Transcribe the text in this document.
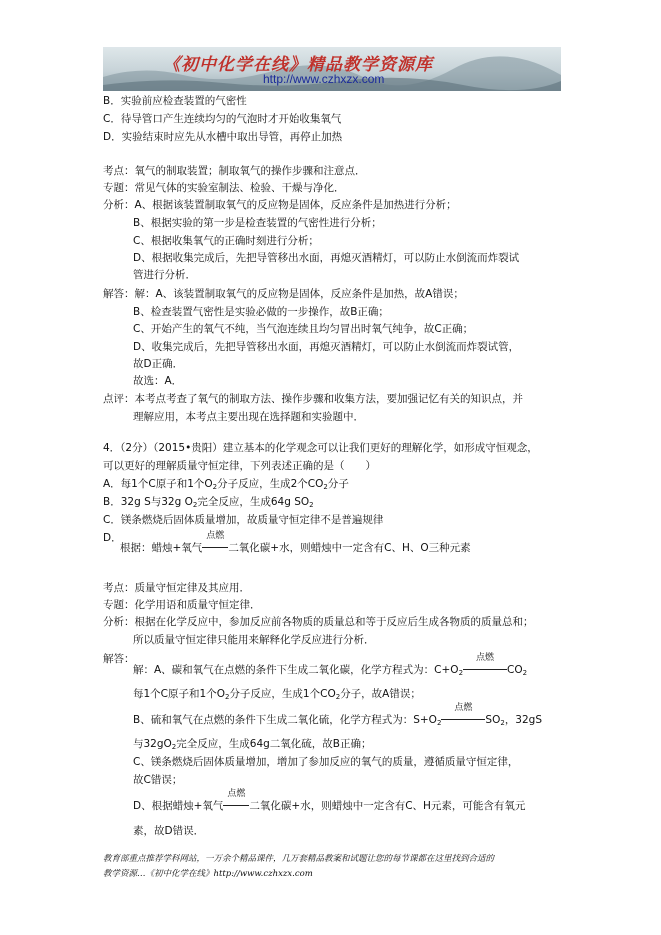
《初中化学在线》精品教学资源库
http://www.czhxzx.com
B．实验前应检查装置的气密性
C．待导管口产生连续均匀的气泡时才开始收集氧气
D．实验结束时应先从水槽中取出导管，再停止加热
考点：氧气的制取装置；制取氧气的操作步骤和注意点．
专题：常见气体的实验室制法、检验、干燥与净化．
分析：A、根据该装置制取氧气的反应物是固体，反应条件是加热进行分析；
B、根据实验的第一步是检查装置的气密性进行分析；
C、根据收集氧气的正确时刻进行分析；
D、根据收集完成后，先把导管移出水面，再熄灭酒精灯，可以防止水倒流而炸裂试
管进行分析．
解答：解：A、该装置制取氧气的反应物是固体，反应条件是加热，故A错误；
B、检查装置气密性是实验必做的一步操作，故B正确；
C、开始产生的氧气不纯，当气泡连续且均匀冒出时氧气纯争，故C正确；
D、收集完成后，先把导管移出水面，再熄灭酒精灯，可以防止水倒流而炸裂试管，
故D正确．
故选：A．
点评：本考点考查了氧气的制取方法、操作步骤和收集方法，要加强记忆有关的知识点，并
理解应用，本考点主要出现在选择题和实验题中．
4．（2分）（2015•贵阳）建立基本的化学观念可以让我们更好的理解化学，如形成守恒观念，
可以更好的理解质量守恒定律，下列表述正确的是（　　）
A．每1个C原子和1个$O_2$分子反应，生成2个$CO_2$分子
B．32g S与32g $O_2$完全反应，生成64g $SO_2$
C．镁条燃烧后固体质量增加，故质量守恒定律不是普遍规律
D．
根据：蜡烛+氧气
点燃
二氧化碳+水，则蜡烛中一定含有C、H、O三种元素
考点：质量守恒定律及其应用．
专题：化学用语和质量守恒定律．
分析：根据在化学反应中，参加反应前各物质的质量总和等于反应后生成各物质的质量总和；
所以质量守恒定律只能用来解释化学反应进行分析．
解答：
解：A、碳和氧气在点燃的条件下生成二氧化碳，化学方程式为：$C+O_2$
点燃
$CO_2$
每1个C原子和1个$O_2$分子反应，生成1个$CO_2$分子，故A错误；
B、硫和氧气在点燃的条件下生成二氧化硫，化学方程式为：$S+O_2$
点燃
$SO_2$，32gS
与$32gO_2$完全反应，生成64g二氧化硫，故B正确；
C、镁条燃烧后固体质量增加，增加了参加反应的氧气的质量，遵循质量守恒定律，
故C错误；
D、根据蜡烛+氧气
点燃
二氧化碳+水，则蜡烛中一定含有C、H元素，可能含有氧元
素，故D错误．
教育部重点推荐学科网站，一万余个精品课件，几万套精品教案和试题让您的每节课都在这里找到合适的
教学资源…《初中化学在线》http://www.czhxzx.com
